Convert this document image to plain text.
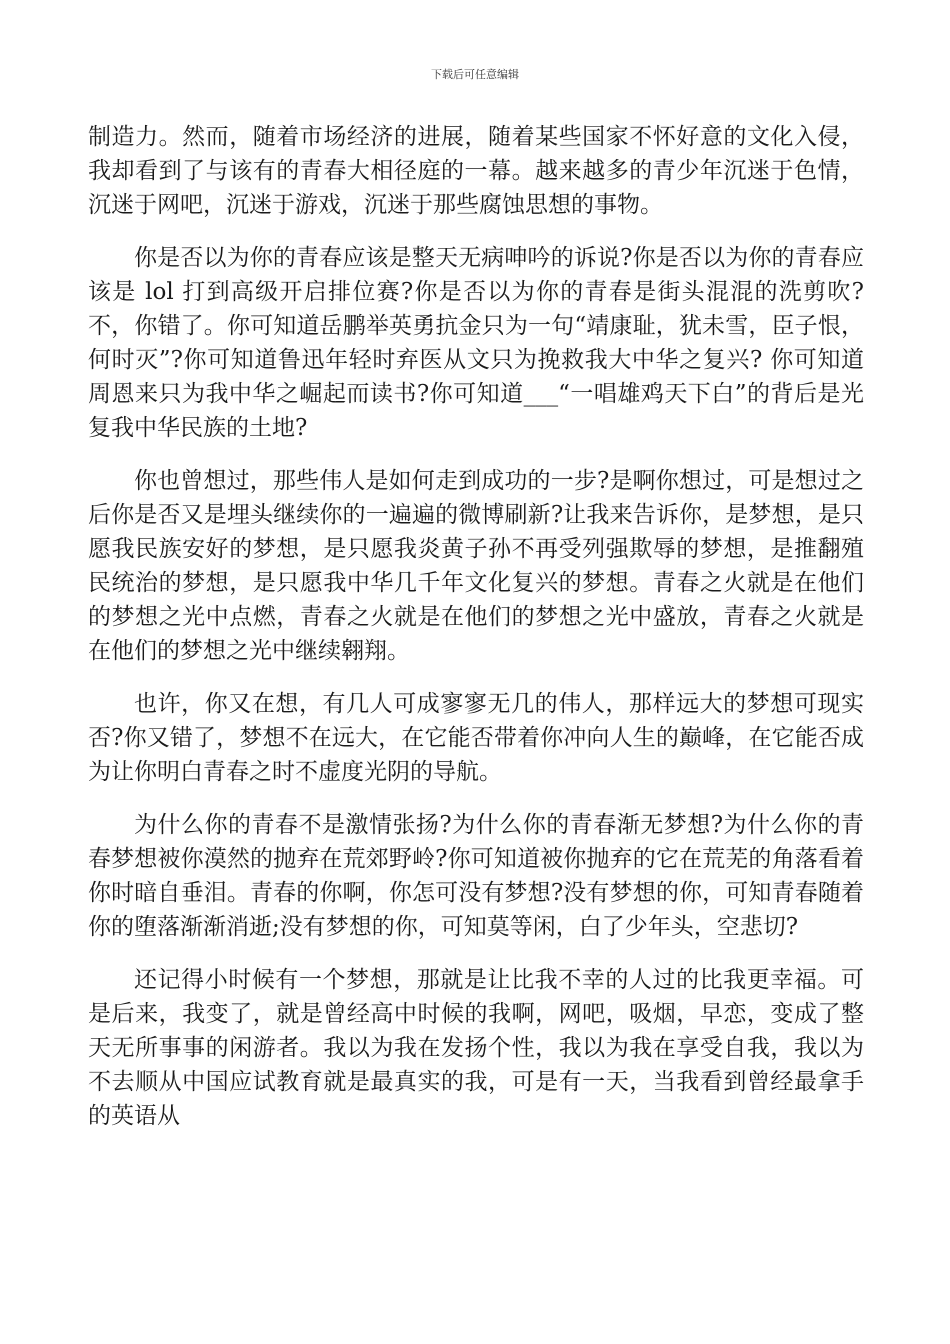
下载后可任意编辑

制造力。然而，随着市场经济的进展，随着某些国家不怀好意的文化入侵，我却看到了与该有的青春大相径庭的一幕。越来越多的青少年沉迷于色情，沉迷于网吧，沉迷于游戏，沉迷于那些腐蚀思想的事物。

你是否以为你的青春应该是整天无病呻吟的诉说?你是否以为你的青春应该是 lol 打到高级开启排位赛?你是否以为你的青春是街头混混的洗剪吹?不，你错了。你可知道岳鹏举英勇抗金只为一句“靖康耻，犹未雪，臣子恨，何时灭”?你可知道鲁迅年轻时弃医从文只为挽救我大中华之复兴? 你可知道周恩来只为我中华之崛起而读书?你可知道___“一唱雄鸡天下白”的背后是光复我中华民族的土地?

你也曾想过，那些伟人是如何走到成功的一步?是啊你想过，可是想过之后你是否又是埋头继续你的一遍遍的微博刷新?让我来告诉你，是梦想，是只愿我民族安好的梦想，是只愿我炎黄子孙不再受列强欺辱的梦想，是推翻殖民统治的梦想，是只愿我中华几千年文化复兴的梦想。青春之火就是在他们的梦想之光中点燃，青春之火就是在他们的梦想之光中盛放，青春之火就是在他们的梦想之光中继续翱翔。

也许，你又在想，有几人可成寥寥无几的伟人，那样远大的梦想可现实否?你又错了，梦想不在远大，在它能否带着你冲向人生的巅峰，在它能否成为让你明白青春之时不虚度光阴的导航。

为什么你的青春不是激情张扬?为什么你的青春渐无梦想?为什么你的青春梦想被你漠然的抛弃在荒郊野岭?你可知道被你抛弃的它在荒芜的角落看着你时暗自垂泪。青春的你啊，你怎可没有梦想?没有梦想的你，可知青春随着你的堕落渐渐消逝;没有梦想的你，可知莫等闲，白了少年头，空悲切?

还记得小时候有一个梦想，那就是让比我不幸的人过的比我更幸福。可是后来，我变了，就是曾经高中时候的我啊，网吧，吸烟，早恋，变成了整天无所事事的闲游者。我以为我在发扬个性，我以为我在享受自我，我以为不去顺从中国应试教育就是最真实的我，可是有一天，当我看到曾经最拿手的英语从
